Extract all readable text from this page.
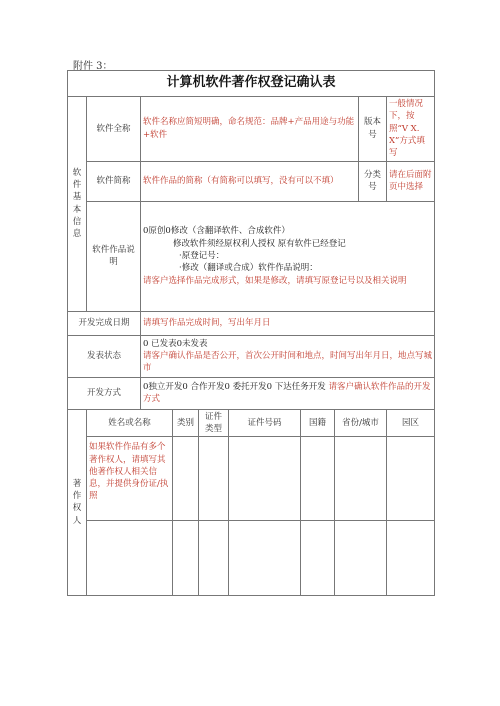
附件 3：
计算机软件著作权登记确认表									
软件基本信息	软件全称	软件名称应简短明确，命名规范：品牌+产品用途与功能+软件						版本号	一般情况下，按照“V X. X”方式填写
	软件简称	软件作品的简称（有简称可以填写，没有可以不填）						分类号	请在后面附页中选择
	软件作品说明	0原创0修改（含翻译软件、合成软件）
修改软件须经原权利人授权 原有软件已经登记
·原登记号：
·修改（翻译或合成）软件作品说明：
请客户选择作品完成形式，如果是修改，请填写原登记号以及相关说明							

开发完成日期		请填写作品完成时间，写出年月日							
发表状态		0 已发表0未发表
请客户确认作品是否公开，首次公开时间和地点，时间写出年月日，地点写城市							

开发方式		0独立开发0 合作开发0 委托开发0 下达任务开发 请客户确认软件作品的开发方式							
著作权人	姓名或名称		类别	证件类型	证件号码	国籍	省份/城市		园区
	如果软件作品有多个著作权人，请填写其他著作权人相关信息，并提供身份证/执照								
